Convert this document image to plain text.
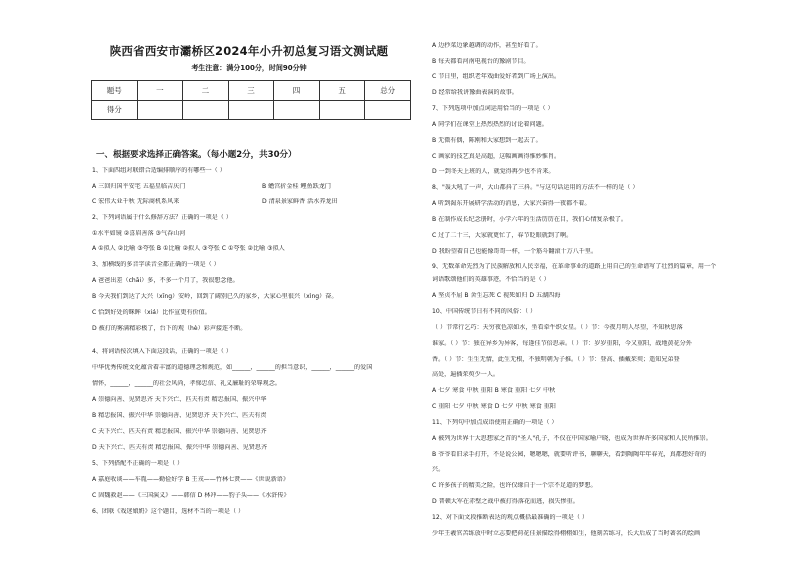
陕西省西安市灞桥区2024年小升初总复习语文测试题
考生注意：满分100分，时间90分钟
题号	一	二	三	四	五	总分
得分						
一、根据要求选择正确答案。（每小题2分，共30分）
1、下面四组对联错合适编排顺序的有哪些一（ ）
A 三回归国平安宅 五福星临吉庆门	B 蟾宫折金桂 鲤鱼跃龙门
C 宏伟大业千秋 无际商机系风来	D 清泉景家鲜香 活水养龙田
2、下列词语属于什么修辞方法？正确的一项是（ ）
①水平如镜 ②喜眉善落 ③气吞山河
A ①拟人 ②比喻 ③夸张 B ①比喻 ②拟人 ③夸张 C ①夸张 ②比喻 ③拟人
3、加横线的多音字读音全都正确的一项是（ ）
A 爸爸出差（chāi）多，不多一个月了，我很想念他。
B 今天我们到达了大兴（xīng）安岭，回到了阔别已久的家乡，大家心里很兴（xìng）奋。
C 恰到好处的眯眸（xiá）比作宣更有价值。
D 被打的雾满精彩极了，台下的观（hè）彩声接连不断。
4、将词语按次填入下面这段话，正确的一项是（ ）
中华优秀传统文化蕴含着丰富的道德理念和规范，如______，______的担当意识，______，______的爱国
情怀，______，______的社会风尚，孝悌忠信、礼义廉耻的荣辱观念。
A 崇德向善、见贤思齐 天下兴亡、匹夫有责 精忠报国、振兴中华
B 精忠报国、振兴中华 崇德向善、见贤思齐 天下兴亡、匹夫有责
C 天下兴亡、匹夫有责 精忠报国、振兴中华 崇德向善、见贤思齐
D 天下兴亡、匹夫有责 精忠报国、振兴中华 崇德向善、见贤思齐
5、下列搭配不正确的一项是（ ）
A 嘉庭收谈——车胤——勤俭好学 B 王戎——竹林七贤——《世说新语》
C 固魏救赵——《三国演义》——韩信 D 林冲——豹子头——《水浒传》
6、团联《戏迷娘奶》这个题目，选材不当的一项是（ ）
A 边抄菜边象越调的动作，甚至好看了。
B 每天都看河南电视台的豫剧节目。
C 节日里，组织老年戏曲爱好者到广场上演出。
D 经常给我讲豫曲表演的故事。
7、下列选项中加点词运用恰当的一项是（ ）
A 同学们在课堂上热烈热烈的讨论着问题。
B 无微有偶，陈刚和大家想到一起去了。
C 画家的技艺真是高超，这幅画画得惟妙惟肖。
D 一到冬天上班的人，就觉得再少也不肯来。
8、"轰大吼了一声，大山都抖了三抖。"与这句话运用的方法不一样的是（ ）
A 听到渴东开展研学活动的消息，大家兴奋得一夜都不着。
B 在制作成长纪念册时，小学六年的生活历历在目，我们心情复杂极了。
C 过了二十三，大家就更忙了，春节眨眼就到了啊。
D 我盼望着自己也能像哥哥一样，一个筋斗翻滚十万八千里。
9、无数革命先烈为了民族解放和人民幸福，在革命事业的道路上用自己的生命谱写了壮烈的篇章，用一个
词语歌颂他们的英雄事迹，不恰当的是（ ）
A 坚贞不屈 B 舍生忘死 C 视死如归 D 五湖四海
10、中国传统节日有不同的风俗：（ ）
（ ）节常行乞巧：天穷夜色凉如水，坐看牵牛织女星。（ ）节：今夜月明人尽望，不知秋思落
谁家。（ ）节：独在异乡为异客，每逢佳节倍思亲。（ ）节：岁岁重阳，今又重阳，战地黄花分外
香。（ ）节：生生无情，此生无根，不独明朝为子推。（ ）节：登高、插戴茱萸；遥知兄弟登
高处，遍插茱萸少一人。
A 七夕 寒食 中秋 重阳 B 寒食 重阳 七夕 中秋
C 重阳 七夕 中秋 寒食 D 七夕 中秋 寒食 重阳
11、下列句中加点成语使用正确的一项是（ ）
A 被列为世界十大思想家之首的"圣人"孔子，不仅在中国家喻户晓，也成为世界许多国家和人民所推崇。
B 爷爷看旧录手打开，不是说公园，嗯嗯嗯，就要听评书，聊聊天，看到陶陶年年春光，真都想好奇的
兴。
C 许多孩子的精美之险，也许仅缘自于一个宗不足道的梦想。
D 普顿大军在赤壁之战中被打得落花而逃，损失惨重。
12、对下面文段推断表达的观点概括最准确的一项是（ ）
少年王羲官苦练放中时立志要把荷花佳景描绘得栩栩如生，他刻苦练习，长大后成了当时著名的绘画
